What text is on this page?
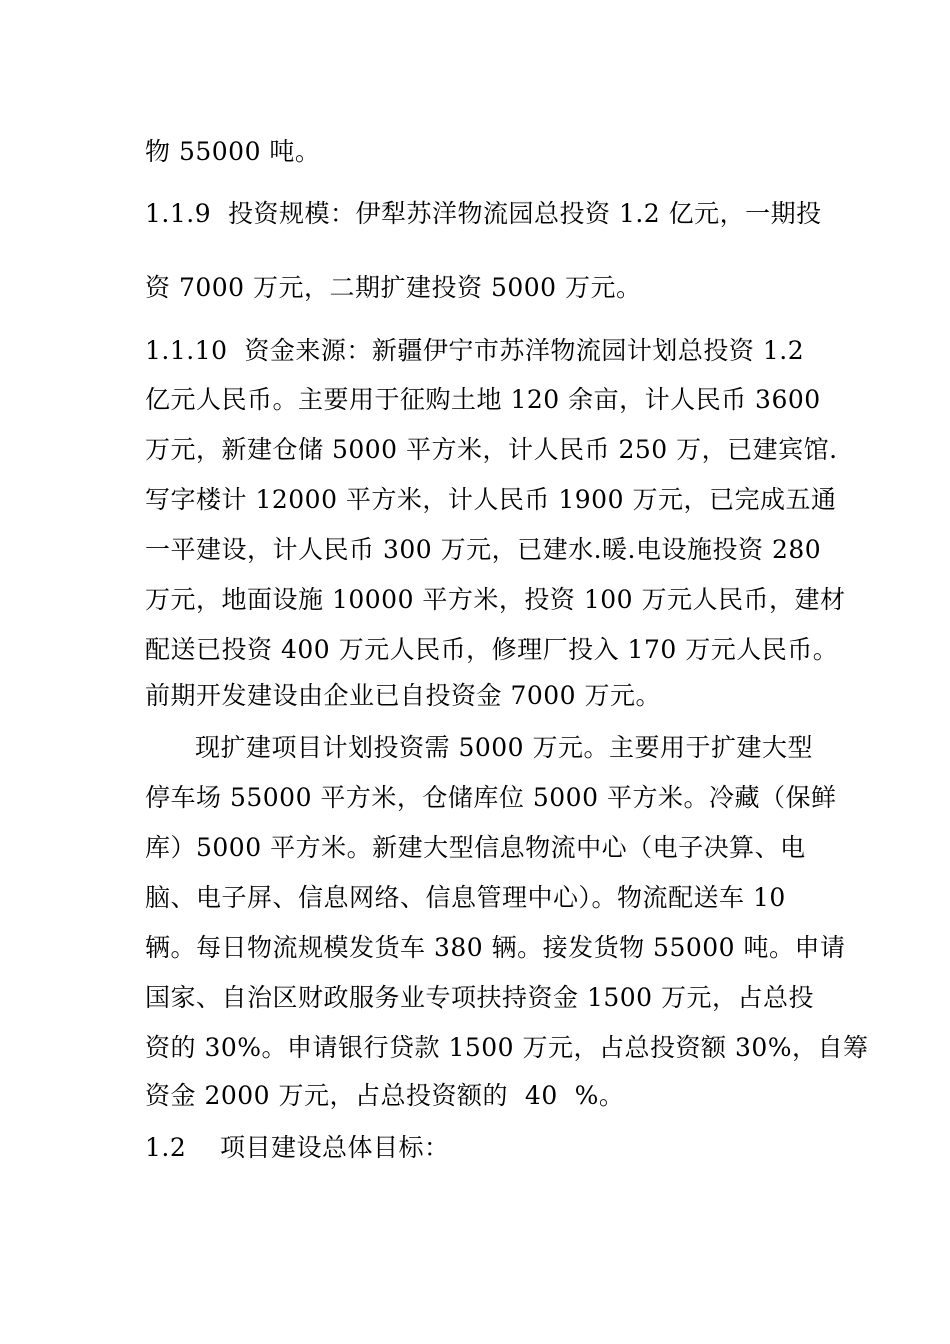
物 55000 吨。
1.1.9  投资规模：伊犁苏洋物流园总投资 1.2 亿元，一期投
资 7000 万元，二期扩建投资 5000 万元。
1.1.10  资金来源：新疆伊宁市苏洋物流园计划总投资 1.2
亿元人民币。主要用于征购土地 120 余亩，计人民币 3600
万元，新建仓储 5000 平方米，计人民币 250 万，已建宾馆.
写字楼计 12000 平方米，计人民币 1900 万元，已完成五通
一平建设，计人民币 300 万元，已建水.暖.电设施投资 280
万元，地面设施 10000 平方米，投资 100 万元人民币，建材
配送已投资 400 万元人民币，修理厂投入 170 万元人民币。
前期开发建设由企业已自投资金 7000 万元。
现扩建项目计划投资需 5000 万元。主要用于扩建大型
停车场 55000 平方米，仓储库位 5000 平方米。冷藏（保鲜
库）5000 平方米。新建大型信息物流中心（电子决算、电
脑、电子屏、信息网络、信息管理中心）。物流配送车 10
辆。每日物流规模发货车 380 辆。接发货物 55000 吨。申请
国家、自治区财政服务业专项扶持资金 1500 万元，占总投
资的 30%。申请银行贷款 1500 万元，占总投资额 30%，自筹
资金 2000 万元，占总投资额的  40  %。
1.2    项目建设总体目标：
